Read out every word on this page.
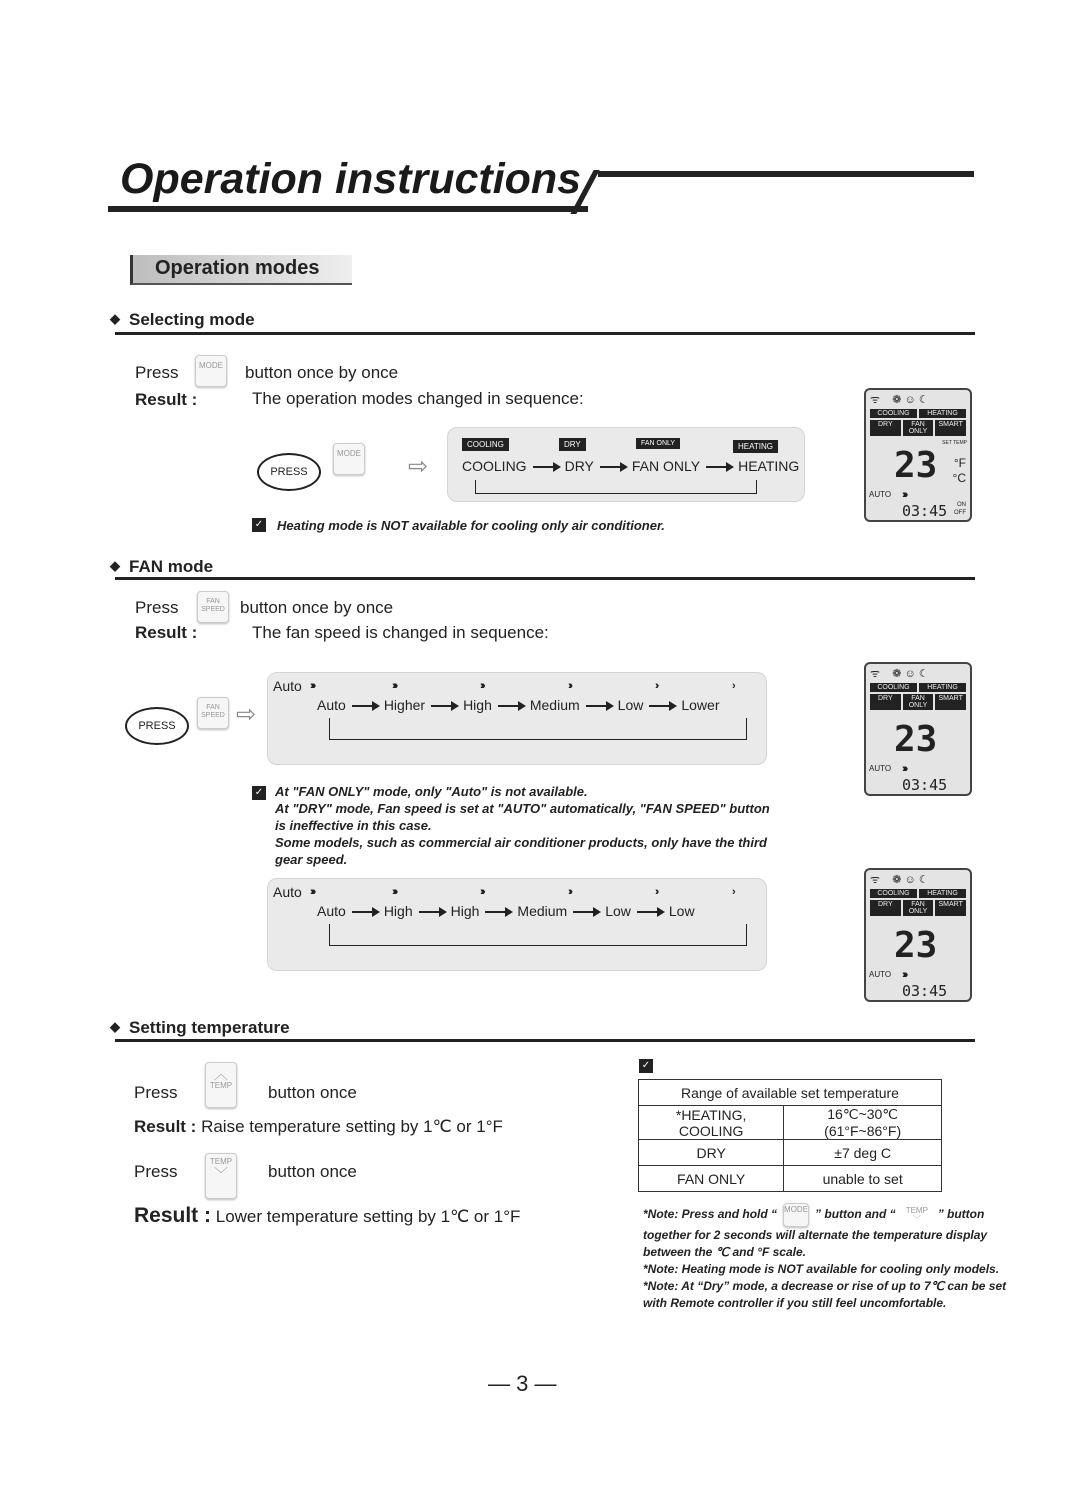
Operation instructions
Operation modes
◆ Selecting mode
Press	MODE button once by once
Result :	The operation modes changed in sequence:
PRESS
MODE ⇨
COOLING	DRY	FAN ONLY	HEATING
COOLING	DRY	FAN ONLY	HEATING
✓ Heating mode is NOT available for cooling only air conditioner.
ᯤ    ❁ ☺ ☾
COOLING	HEATING
DRY	FAN ONLY
SMART
SET TEMP
23 °F
°C
AUTO ›››››
03:45 ON
OFF
ᯤ    ❁ ☺ ☾
COOLING	HEATING
DRY	FAN ONLY
SMART
23
AUTO ›››››
03:45
ᯤ    ❁ ☺ ☾
COOLING	HEATING
DRY	FAN ONLY
SMART
23
AUTO ›››››
03:45
◆ FAN mode
Press	FAN SPEED button once by once
Result :	The fan speed is changed in sequence:
PRESS
FAN SPEED ⇨
Auto ›››››	›››››	››››	›››	››	›
Auto	Higher	High	Medium	Low	Lower
✓ At "FAN ONLY" mode, only "Auto" is not available.
At "DRY" mode, Fan speed is set at "AUTO" automatically, "FAN SPEED" button
is ineffective in this case.
Some models, such as commercial air conditioner products, only have the third
gear speed.
Auto ›››››	›››››	››››	›››	››	›
Auto	High	High	Medium	Low	Low
◆ Setting temperature
Press
︿
TEMP button once
Result : Raise temperature setting by 1℃ or 1°F
Press
TEMP
﹀	button once
Result : Lower temperature setting by 1℃ or 1°F
✓
Range of available set temperature	
*HEATING, COOLING	16℃~30℃ (61°F~86°F)
DRY	±7 deg C
FAN ONLY	unable to set
*Note: Press and hold “ MODE ” button and “ TEMP
﹀ ” button
together for 2 seconds will alternate the temperature display
between the ℃ and °F scale.
*Note: Heating mode is NOT available for cooling only models.
*Note: At “Dry” mode, a decrease or rise of up to 7℃ can be set
with Remote controller if you still feel uncomfortable.
— 3 —
